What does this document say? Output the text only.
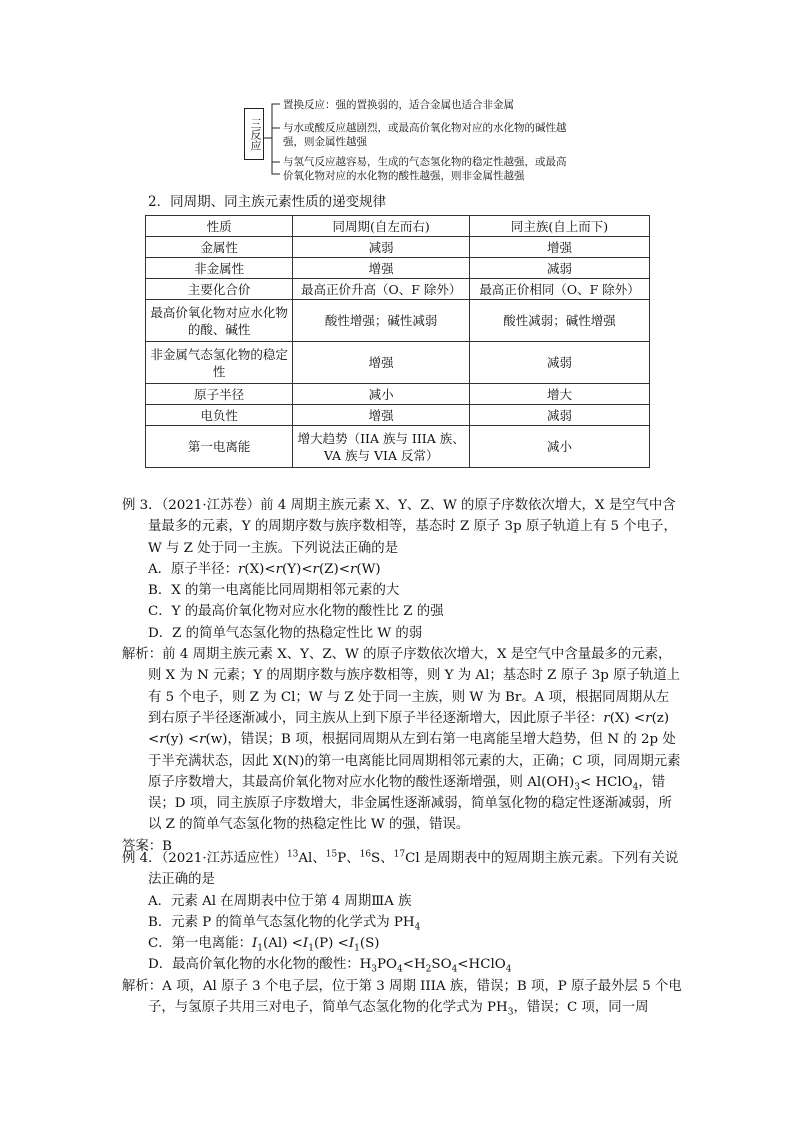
三反应
置换反应：强的置换弱的，适合金属也适合非金属
与水或酸反应越剧烈，或最高价氧化物对应的水化物的碱性越强，则金属性越强
与氢气反应越容易，生成的气态氢化物的稳定性越强，或最高价氧化物对应的水化物的酸性越强，则非金属性越强
2．同周期、同主族元素性质的递变规律
性质	同周期(自左而右)	同主族(自上而下)
金属性	减弱	增强
非金属性	增强	减弱
主要化合价	最高正价升高（O、F 除外）	最高正价相同（O、F 除外）
最高价氧化物对应水化物的酸、碱性	酸性增强；碱性减弱	酸性减弱；碱性增强
非金属气态氢化物的稳定性	增强	减弱
原子半径	减小	增大
电负性	增强	减弱
第一电离能	增大趋势（IIA 族与 IIIA 族、VA 族与 VIA 反常）	减小
例 3．（2021·江苏卷）前 4 周期主族元素 X、Y、Z、W 的原子序数依次增大，X 是空气中含量最多的元素，Y 的周期序数与族序数相等，基态时 Z 原子 3p 原子轨道上有 5 个电子，W 与 Z 处于同一主族。下列说法正确的是
A．原子半径：r(X)<r(Y)<r(Z)<r(W)
B．X 的第一电离能比同周期相邻元素的大
C．Y 的最高价氧化物对应水化物的酸性比 Z 的强
D．Z 的简单气态氢化物的热稳定性比 W 的弱
解析：前 4 周期主族元素 X、Y、Z、W 的原子序数依次增大，X 是空气中含量最多的元素，则 X 为 N 元素；Y 的周期序数与族序数相等，则 Y 为 Al；基态时 Z 原子 3p 原子轨道上有 5 个电子，则 Z 为 Cl；W 与 Z 处于同一主族，则 W 为 Br。A 项，根据同周期从左到右原子半径逐渐减小，同主族从上到下原子半径逐渐增大，因此原子半径：r(X) <r(z) <r(y) <r(w)，错误；B 项，根据同周期从左到右第一电离能呈增大趋势，但 N 的 2p 处于半充满状态，因此 X(N)的第一电离能比同周期相邻元素的大，正确；C 项，同周期元素原子序数增大，其最高价氧化物对应水化物的酸性逐渐增强，则 $Al(OH)_3<$ HClO$_4$，错误；D 项，同主族原子序数增大，非金属性逐渐减弱，简单氢化物的稳定性逐渐减弱，所以 Z 的简单气态氢化物的热稳定性比 W 的强，错误。
答案：B
例 4．（2021·江苏适应性）$^{13}$Al、$^{15}$P、$^{16}$S、$^{17}$Cl 是周期表中的短周期主族元素。下列有关说法正确的是
A．元素 Al 在周期表中位于第 4 周期ⅢA 族
B．元素 P 的简单气态氢化物的化学式为 $PH_4$
C．第一电离能：$I_1(Al) <I_1(P) <I_1(S)$
D．最高价氧化物的水化物的酸性：$H_3PO_4<H_2SO_4<HClO_4$
解析：A 项，Al 原子 3 个电子层，位于第 3 周期 IIIA 族，错误；B 项，P 原子最外层 5 个电子，与氢原子共用三对电子，简单气态氢化物的化学式为 $PH_3$，错误；C 项，同一周
